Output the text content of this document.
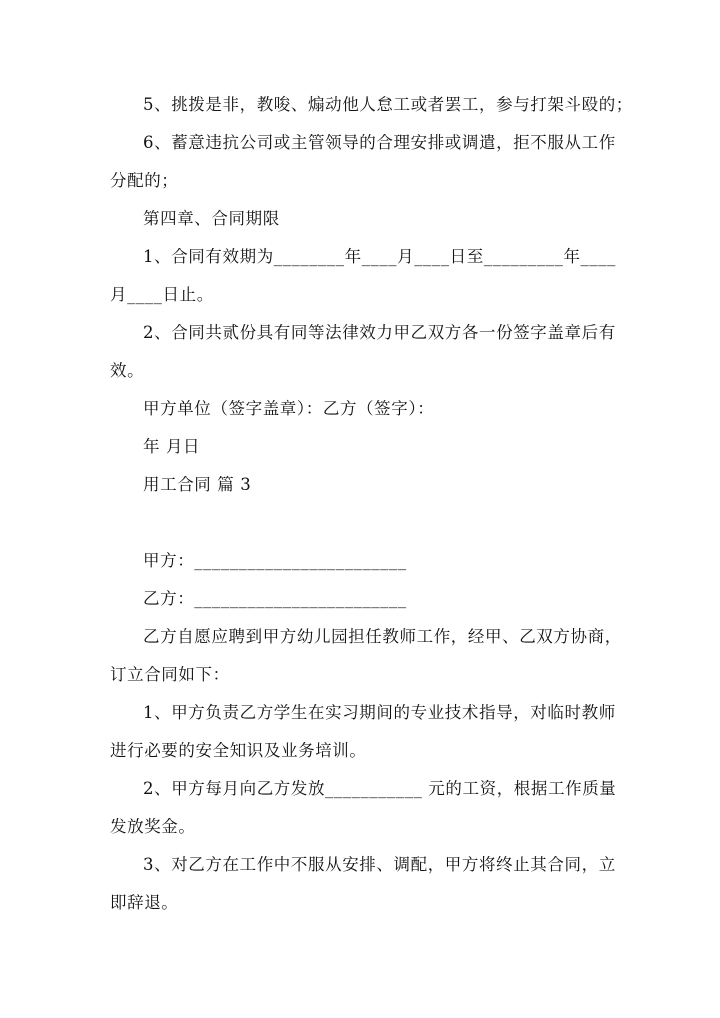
5、挑拨是非，教唆、煽动他人怠工或者罢工，参与打架斗殴的；
6、蓄意违抗公司或主管领导的合理安排或调遣，拒不服从工作
分配的；
第四章、合同期限
1、合同有效期为________年____月____日至_________年____
月____日止。
2、合同共贰份具有同等法律效力甲乙双方各一份签字盖章后有
效。
甲方单位（签字盖章）：乙方（签字）：
年 月日
用工合同 篇 3
甲方：________________________
乙方：________________________
乙方自愿应聘到甲方幼儿园担任教师工作，经甲、乙双方协商，
订立合同如下：
1、甲方负责乙方学生在实习期间的专业技术指导，对临时教师
进行必要的安全知识及业务培训。
2、甲方每月向乙方发放___________ 元的工资，根据工作质量
发放奖金。
3、对乙方在工作中不服从安排、调配，甲方将终止其合同，立
即辞退。
